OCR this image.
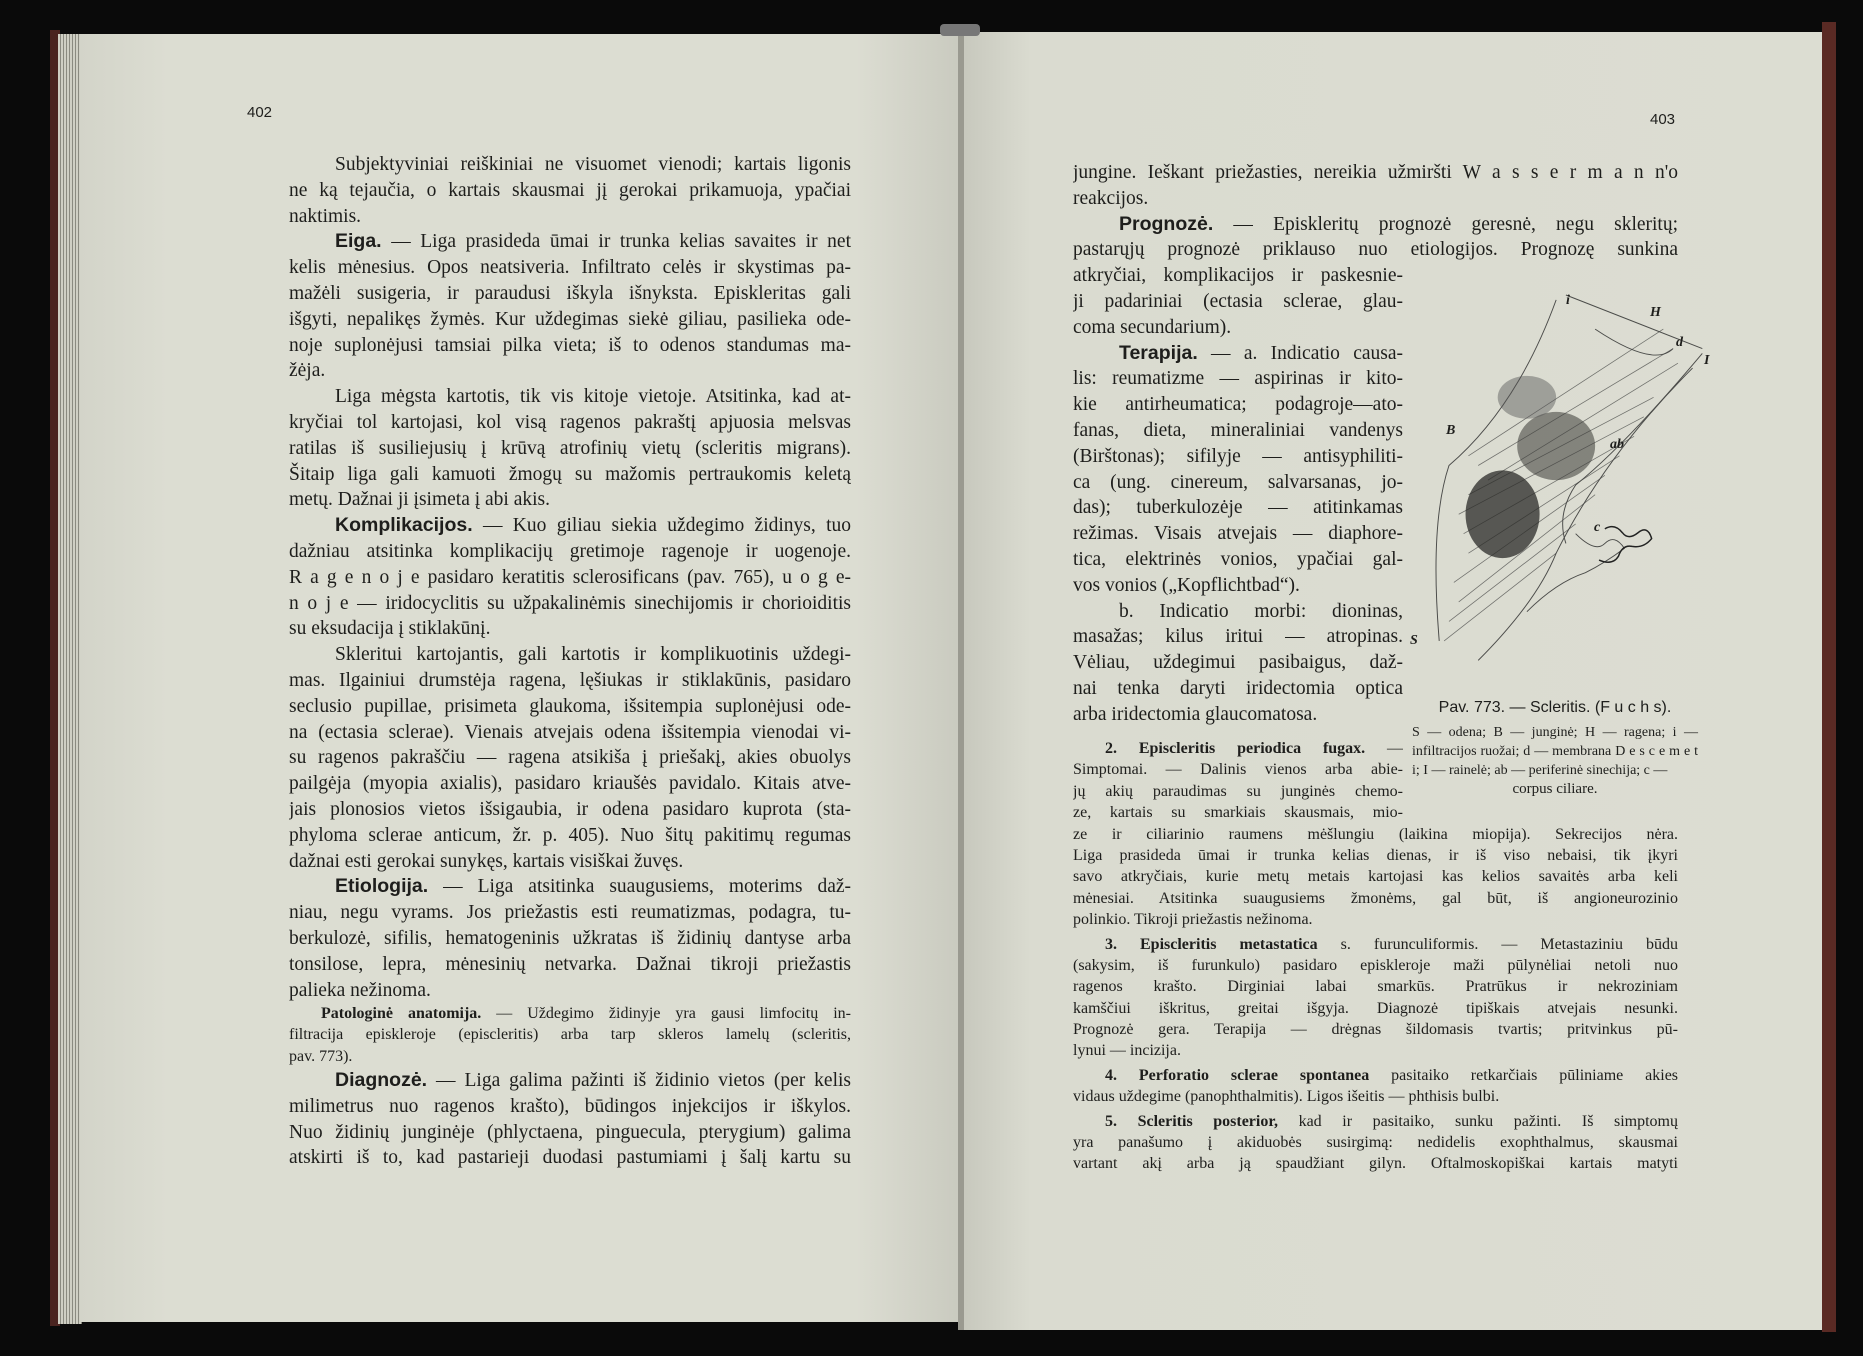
402	403
Subjektyviniai reiškiniai ne visuomet vienodi; kartais ligonis
ne ką tejaučia, o kartais skausmai jį gerokai prikamuoja, ypačiai
naktimis.
Eiga. — Liga prasideda ūmai ir trunka kelias savaites ir net
kelis mėnesius. Opos neatsiveria. Infiltrato celės ir skystimas pa-
mažėli susigeria, ir paraudusi iškyla išnyksta. Episkleritas gali
išgyti, nepalikęs žymės. Kur uždegimas siekė giliau, pasilieka ode-
noje suplonėjusi tamsiai pilka vieta; iš to odenos standumas ma-
žėja.
Liga mėgsta kartotis, tik vis kitoje vietoje. Atsitinka, kad at-
kryčiai tol kartojasi, kol visą ragenos pakraštį apjuosia melsvas
ratilas iš susiliejusių į krūvą atrofinių vietų (scleritis migrans).
Šitaip liga gali kamuoti žmogų su mažomis pertraukomis keletą
metų. Dažnai ji įsimeta į abi akis.
Komplikacijos. — Kuo giliau siekia uždegimo židinys, tuo
dažniau atsitinka komplikacijų gretimoje ragenoje ir uogenoje.
R a g e n o j e pasidaro keratitis sclerosificans (pav. 765), u o g e-
n o j e — iridocyclitis su užpakalinėmis sinechijomis ir chorioiditis
su eksudacija į stiklakūnį.
Skleritui kartojantis, gali kartotis ir komplikuotinis uždegi-
mas. Ilgainiui drumstėja ragena, lęšiukas ir stiklakūnis, pasidaro
seclusio pupillae, prisimeta glaukoma, išsitempia suplonėjusi ode-
na (ectasia sclerae). Vienais atvejais odena išsitempia vienodai vi-
su ragenos pakraščiu — ragena atsikiša į priešakį, akies obuolys
pailgėja (myopia axialis), pasidaro kriaušės pavidalo. Kitais atve-
jais plonosios vietos išsigaubia, ir odena pasidaro kuprota (sta-
phyloma sclerae anticum, žr. p. 405). Nuo šitų pakitimų regumas
dažnai esti gerokai sunykęs, kartais visiškai žuvęs.
Etiologija. — Liga atsitinka suaugusiems, moterims daž-
niau, negu vyrams. Jos priežastis esti reumatizmas, podagra, tu-
berkulozė, sifilis, hematogeninis užkratas iš židinių dantyse arba
tonsilose, lepra, mėnesinių netvarka. Dažnai tikroji priežastis
palieka nežinoma.
Patologinė anatomija. — Uždegimo židinyje yra gausi limfocitų in-
filtracija episkleroje (episcleritis) arba tarp skleros lamelų (scleritis,
pav. 773).
Diagnozė. — Liga galima pažinti iš židinio vietos (per kelis
milimetrus nuo ragenos krašto), būdingos injekcijos ir iškylos.
Nuo židinių junginėje (phlyctaena, pinguecula, pterygium) galima
atskirti iš to, kad pastarieji duodasi pastumiami į šalį kartu su
jungine. Ieškant priežasties, nereikia užmiršti W a s s e r m a n n'o
reakcijos.
Prognozė. — Episkleritų prognozė geresnė, negu skleritų;
pastarųjų prognozė priklauso nuo etiologijos. Prognozę sunkina
atkryčiai, komplikacijos ir paskesnie-
ji padariniai (ectasia sclerae, glau-
coma secundarium).
Terapija. — a. Indicatio causa-
lis: reumatizme — aspirinas ir kito-
kie antirheumatica; podagroje—ato-
fanas, dieta, mineraliniai vandenys
(Birštonas); sifilyje — antisyphiliti-
ca (ung. cinereum, salvarsanas, jo-
das); tuberkulozėje — atitinkamas
režimas. Visais atvejais — diaphore-
tica, elektrinės vonios, ypačiai gal-
vos vonios („Kopflichtbad“).
b. Indicatio morbi: dioninas,
masažas; kilus iritui — atropinas.
Vėliau, uždegimui pasibaigus, daž-
nai tenka daryti iridectomia optica
arba iridectomia glaucomatosa.
2. Episcleritis periodica fugax. —
Simptomai. — Dalinis vienos arba abie-
jų akių paraudimas su junginės chemo-
ze, kartais su smarkiais skausmais, mio-
ze ir ciliarinio raumens mėšlungiu (laikina miopija). Sekrecijos nėra.
Liga prasideda ūmai ir trunka kelias dienas, ir iš viso nebaisi, tik įkyri
savo atkryčiais, kurie metų metais kartojasi kas kelios savaitės arba keli
mėnesiai. Atsitinka suaugusiems žmonėms, gal būt, iš angioneurozinio
polinkio. Tikroji priežastis nežinoma.
3. Episcleritis metastatica s. furunculiformis. — Metastaziniu būdu
(sakysim, iš furunkulo) pasidaro episkleroje maži pūlynėliai netoli nuo
ragenos krašto. Dirginiai labai smarkūs. Pratrūkus ir nekroziniam
kamščiui iškritus, greitai išgyja. Diagnozė tipiškais atvejais nesunki.
Prognozė gera. Terapija — drėgnas šildomasis tvartis; pritvinkus pū-
lynui — incizija.
4. Perforatio sclerae spontanea pasitaiko retkarčiais pūliniame akies
vidaus uždegime (panophthalmitis). Ligos išeitis — phthisis bulbi.
5. Scleritis posterior, kad ir pasitaiko, sunku pažinti. Iš simptomų
yra panašumo į akiduobės susirgimą: nedidelis exophthalmus, skausmai
vartant akį arba ją spaudžiant gilyn. Oftalmoskopiškai kartais matyti
i
H
d
I
B
ab
c
S
Pav. 773. — Scleritis. (F u c h s).
S — odena; B — junginė; H — ragena; i — infiltracijos ruožai; d — membrana D e s c e m e t i; I — rainelė; ab — periferinė sinechija; c —
corpus ciliare.
